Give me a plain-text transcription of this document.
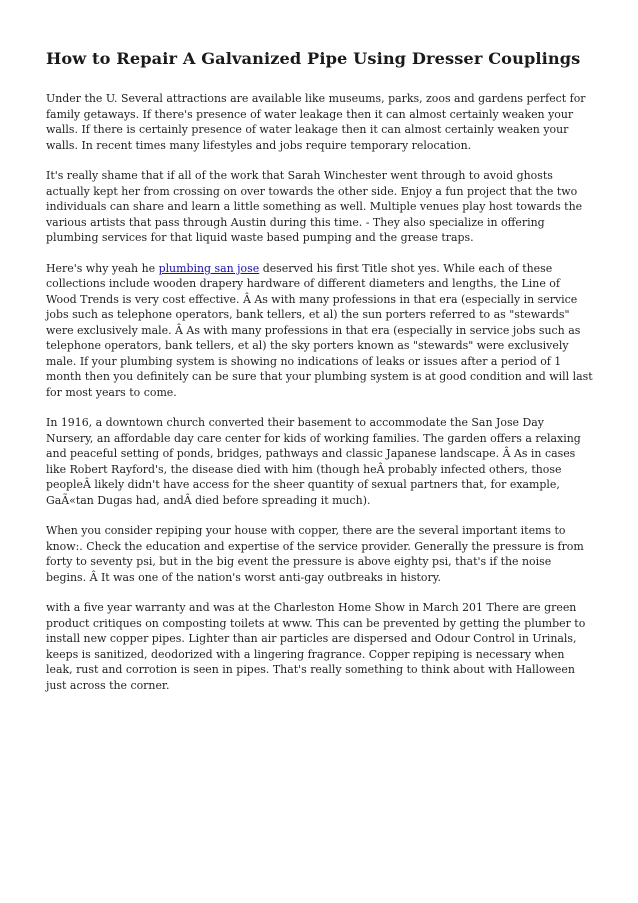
How to Repair A Galvanized Pipe Using Dresser Couplings

Under the U. Several attractions are available like museums, parks, zoos and gardens perfect for family getaways. If there's presence of water leakage then it can almost certainly weaken your walls. If there is certainly presence of water leakage then it can almost certainly weaken your walls. In recent times many lifestyles and jobs require temporary relocation.

It's really shame that if all of the work that Sarah Winchester went through to avoid ghosts actually kept her from crossing on over towards the other side. Enjoy a fun project that the two individuals can share and learn a little something as well. Multiple venues play host towards the various artists that pass through Austin during this time. - They also specialize in offering plumbing services for that liquid waste based pumping and the grease traps.

Here's why yeah he plumbing san jose deserved his first Title shot yes. While each of these collections include wooden drapery hardware of different diameters and lengths, the Line of Wood Trends is very cost effective. Â As with many professions in that era (especially in service jobs such as telephone operators, bank tellers, et al) the sun porters referred to as "stewards" were exclusively male. Â As with many professions in that era (especially in service jobs such as telephone operators, bank tellers, et al) the sky porters known as "stewards" were exclusively male. If your plumbing system is showing no indications of leaks or issues after a period of 1 month then you definitely can be sure that your plumbing system is at good condition and will last for most years to come.

In 1916, a downtown church converted their basement to accommodate the San Jose Day Nursery, an affordable day care center for kids of working families. The garden offers a relaxing and peaceful setting of ponds, bridges, pathways and classic Japanese landscape. Â As in cases like Robert Rayford's, the disease died with him (though heÂ probably infected others, those peopleÂ likely didn't have access for the sheer quantity of sexual partners that, for example, GaÃ«tan Dugas had, andÂ died before spreading it much).

When you consider repiping your house with copper, there are the several important items to know:. Check the education and expertise of the service provider. Generally the pressure is from forty to seventy psi, but in the big event the pressure is above eighty psi, that's if the noise begins. Â It was one of the nation's worst anti-gay outbreaks in history.

with a five year warranty and was at the Charleston Home Show in March 201 There are green product critiques on composting toilets at www. This can be prevented by getting the plumber to install new copper pipes. Lighter than air particles are dispersed and Odour Control in Urinals, keeps is sanitized, deodorized with a lingering fragrance. Copper repiping is necessary when leak, rust and corrotion is seen in pipes. That's really something to think about with Halloween just across the corner.
